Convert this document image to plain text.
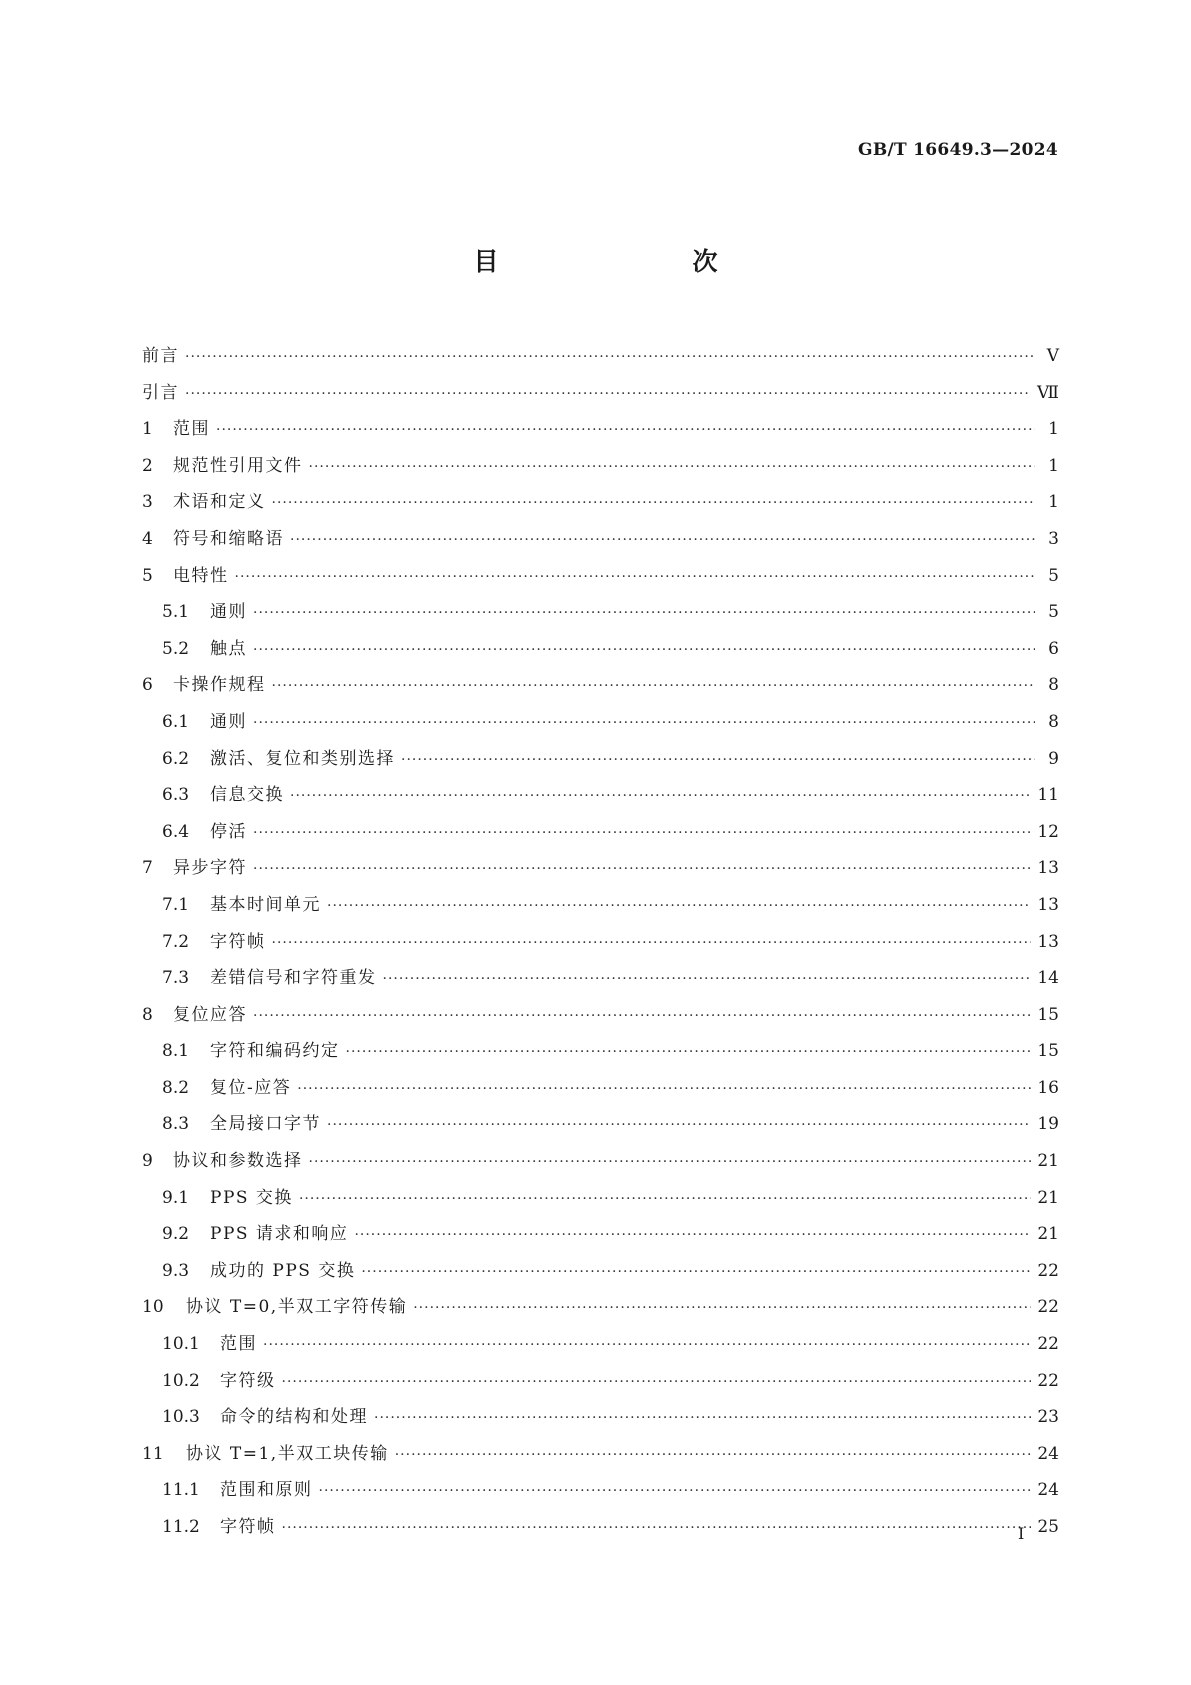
GB/T 16649.3—2024
目　　次
前言 ·····	Ⅴ
引言 ·····	Ⅶ
1	范围 ·····	1
2	规范性引用文件 ·····	1
3	术语和定义 ·····	1
4	符号和缩略语 ·····	3
5	电特性 ·····	5
5.1	通则 ·····	5
5.2	触点 ·····	6
6	卡操作规程 ·····	8
6.1	通则 ·····	8
6.2	激活、复位和类别选择 ·····	9
6.3	信息交换 ·····	11
6.4	停活 ·····	12
7	异步字符 ·····	13
7.1	基本时间单元 ·····	13
7.2	字符帧 ·····	13
7.3	差错信号和字符重发 ·····	14
8	复位应答 ·····	15
8.1	字符和编码约定 ·····	15
8.2	复位-应答 ·····	16
8.3	全局接口字节 ·····	19
9	协议和参数选择 ·····	21
9.1	PPS 交换 ·····	21
9.2	PPS 请求和响应 ·····	21
9.3	成功的 PPS 交换 ·····	22
10	协议 T=0,半双工字符传输 ·····	22
10.1	范围 ·····	22
10.2	字符级 ·····	22
10.3	命令的结构和处理 ·····	23
11	协议 T=1,半双工块传输 ·····	24
11.1	范围和原则 ·····	24
11.2	字符帧 ·····	25
Ⅰ
